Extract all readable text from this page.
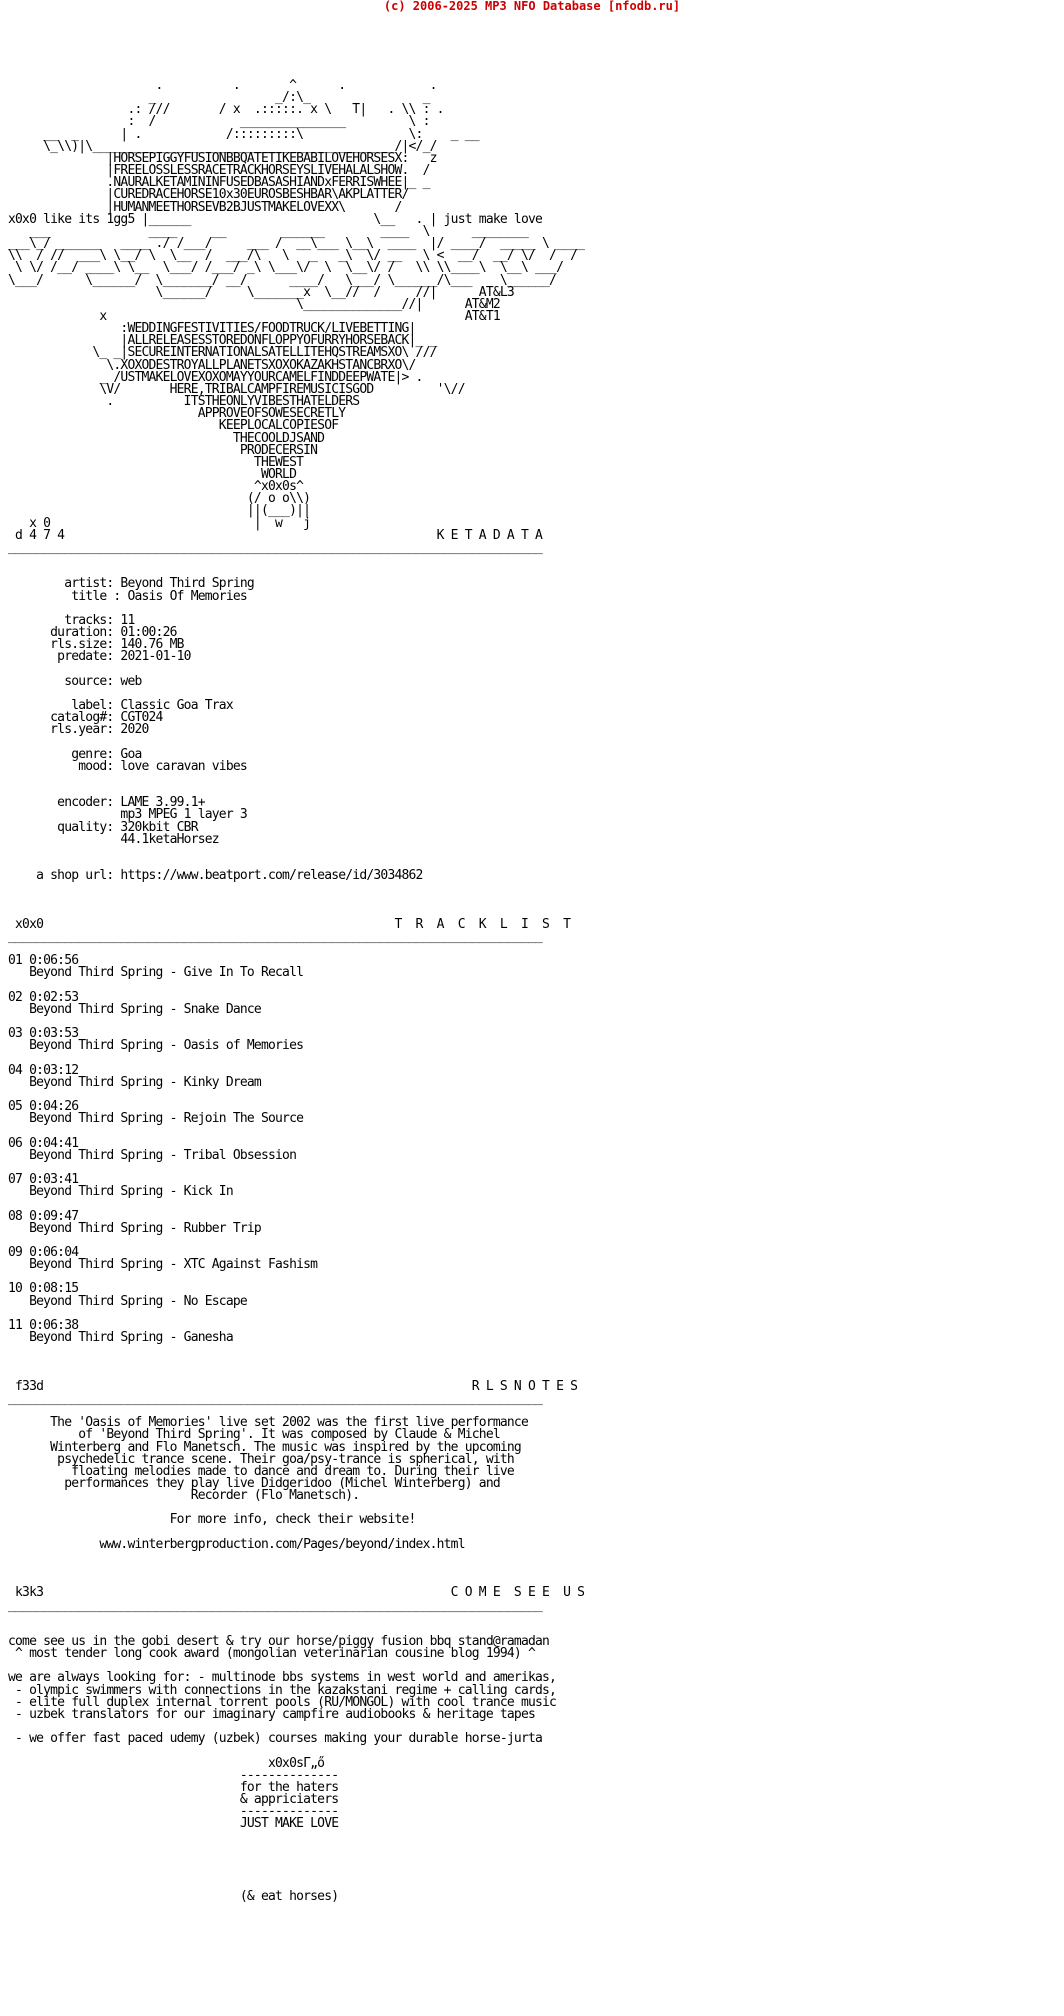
(c) 2006-2025 MP3 NFO Database [nfodb.ru]
.          .       ^      .            .
_                 _/:\_                _
.: ///       / x  .:::::. x \   T|   . \\ : .
:  /            _______________         \ :
__  _      | .            /:::::::::\               \:    _ __
\_\\)|\___________________________________________/|</_/
|HORSEPIGGYFUSIONBBQATETIKEBABILOVEHORSESX:   z
|FREELOSSLESSRACETRACKHORSEYSLIVEHALALSHOW.  /
.NAURALKETAMININFUSEDBASASHIANDxFERRISWHEE|_ _
|CUREDRACEHORSE10x30EUROSBESHBAR\AKPLATTER/
|HUMANMEETHORSEVB2BJUSTMAKELOVEXX\       /
x0x0 like its 1gg5 |______                          \__   . | just make love
___              ____     __        ______        ____  \      ________
___\_/ ______   ____ ./ /___/     ___ /  __\___ \__\  ____  |/ ____/  _____ \ ____
\\  / //  ___\ \__/ \  \__  /  ___/\   \   _   _\  \/ __   \ <  __/  __/ \/  /  /
\ \/ /__/ ____\ \__  \___/ /___/ _\ \___\/  \  \__\/ /   \\ \\____\  \__\ ___/
\___/      \______/  \_______/ __/      ____/   \___/ \______/\___    \______/
\______/     \_______x  \__//  /     //|      AT&L3
\______________//|      AT&M2
x                                                   AT&T1
:WEDDINGFESTIVITIES/FOODTRUCK/LIVEBETTING|
|ALLRELEASESSTOREDONFLOPPYOFURRYHORSEBACK|_ _
\_ _|SECUREINTERNATIONALSATELLITEHQSTREAMSXO\ ///
\.XOXODESTROYALLPLANETSXOXOKAZAKHSTANCBRXO\/
_ /USTMAKELOVEXOXOMAYYOURCAMELFINDDEEPWATE|> .
\V/       HERE,TRIBALCAMPFIREMUSICISGOD         '\//
.          ITSTHEONLYVIBESTHATELDERS
APPROVEOFSOWESECRETLY
KEEPLOCALCOPIESOF
THECOOLDJSAND
PRODECERSIN
THEWEST
WORLD
^x0x0s^
(/ o o\\)
||(___)||
x 0                             |  w   j
d 4 7 4                                                     K E T A D A T A
____________________________________________________________________________

artist: Beyond Third Spring
title : Oasis Of Memories

tracks: 11
duration: 01:00:26
rls.size: 140.76 MB
predate: 2021-01-10

source: web

label: Classic Goa Trax
catalog#: CGT024
rls.year: 2020

genre: Goa
mood: love caravan vibes

encoder: LAME 3.99.1+
mp3 MPEG 1 layer 3
quality: 320kbit CBR
44.1ketaHorsez

a shop url: https://www.beatport.com/release/id/3034862

x0x0                                                  T  R  A  C  K  L  I  S  T
____________________________________________________________________________

01 0:06:56
Beyond Third Spring - Give In To Recall

02 0:02:53
Beyond Third Spring - Snake Dance

03 0:03:53
Beyond Third Spring - Oasis of Memories

04 0:03:12
Beyond Third Spring - Kinky Dream

05 0:04:26
Beyond Third Spring - Rejoin The Source

06 0:04:41
Beyond Third Spring - Tribal Obsession

07 0:03:41
Beyond Third Spring - Kick In

08 0:09:47
Beyond Third Spring - Rubber Trip

09 0:06:04
Beyond Third Spring - XTC Against Fashism

10 0:08:15
Beyond Third Spring - No Escape

11 0:06:38
Beyond Third Spring - Ganesha

f33d                                                             R L S N O T E S
____________________________________________________________________________

The 'Oasis of Memories' live set 2002 was the first live performance
of 'Beyond Third Spring'. It was composed by Claude & Michel
Winterberg and Flo Manetsch. The music was inspired by the upcoming
psychedelic trance scene. Their goa/psy-trance is spherical, with
floating melodies made to dance and dream to. During their live
performances they play live Didgeridoo (Michel Winterberg) and
Recorder (Flo Manetsch).

For more info, check their website!

www.winterbergproduction.com/Pages/beyond/index.html

k3k3                                                          C O M E  S E E  U S
____________________________________________________________________________

come see us in the gobi desert & try our horse/piggy fusion bbq stand@ramadan
^ most tender long cook award (mongolian veterinarian cousine blog 1994) ^

we are always looking for: - multinode bbs systems in west world and amerikas,
- olympic swimmers with connections in the kazakstani regime + calling cards,
- elite full duplex internal torrent pools (RU/MONGOL) with cool trance music
- uzbek translators for our imaginary campfire audiobooks & heritage tapes

- we offer fast paced udemy (uzbek) courses making your durable horse-jurta

x0x0sГ„ő
--------------
for the haters
& appriciaters
--------------
JUST MAKE LOVE

(& eat horses)
